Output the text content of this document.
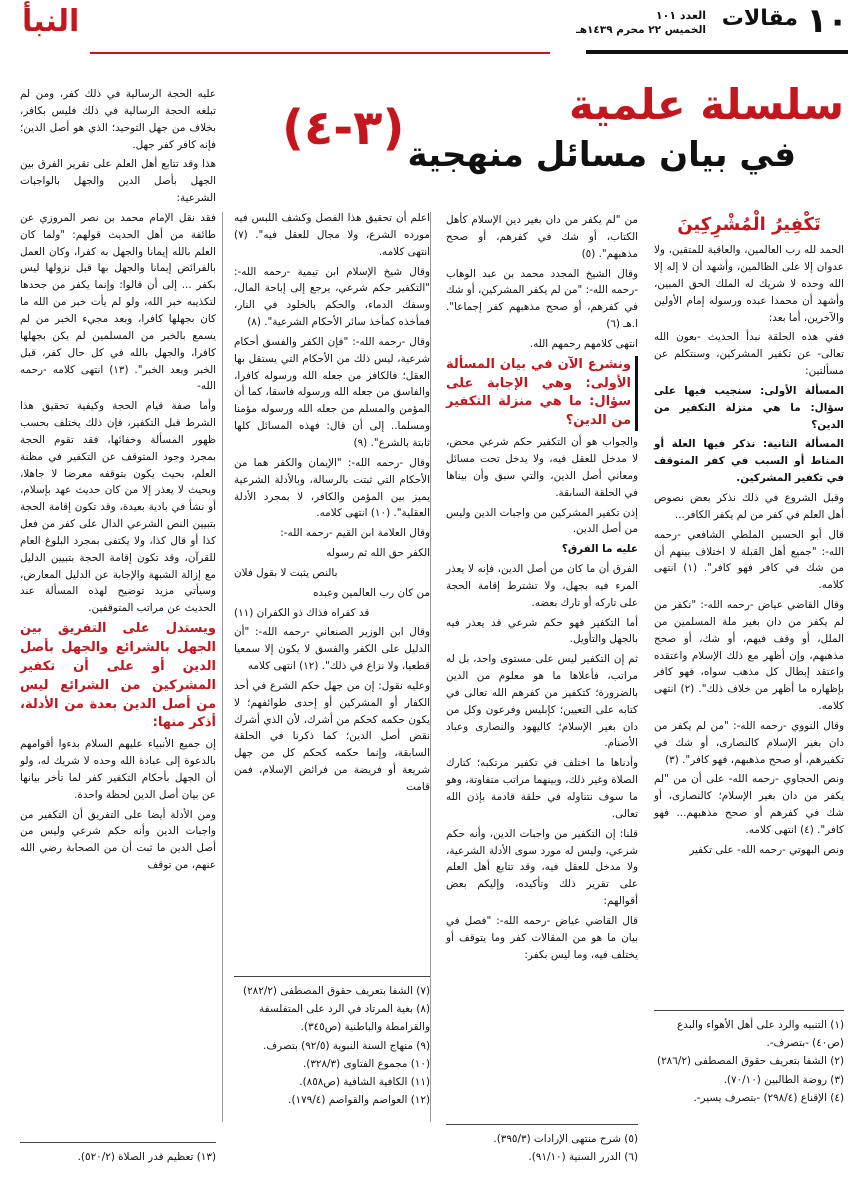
١٠
مقالات
العدد ١٠١
الخميس ٢٢ محرم ١٤٣٩هـ
النبأ
سلسلة علمية
في بيان مسائل منهجية
(٣-٤)

تَكْفِيرُ الْمُشْرِكِينَ

الحمد لله رب العالمين، والعاقبة للمتقين، ولا عدوان إلا على الظالمين، وأشهد أن لا إله إلا الله وحده لا شريك له الملك الحق المبين، وأشهد أن محمدا عبده ورسوله إمام الأولين والآخرين، أما بعد:

ففي هذه الحلقة نبدأ الحديث -بعون الله تعالى- عن تكفير المشركين، وسنتكلم عن مسألتين:

المسألة الأولى: سنجيب فيها على سؤال: ما هي منزلة التكفير من الدين؟

المسألة الثانية: نذكر فيها العلة أو المناط أو السبب في كفر المتوقف في تكفير المشركين.

وقبل الشروع في ذلك نذكر بعض نصوص أهل العلم في كفر من لم يكفر الكافر...

قال أبو الحسين الملطي الشافعي -رحمه الله-: "جميع أهل القبلة لا اختلاف بينهم أن من شك في كافر فهو كافر". (١) انتهى كلامه.

وقال القاضي عياض -رحمه الله-: "نكفر من لم يكفر من دان بغير ملة المسلمين من الملل، أو وقف فيهم، أو شك، أو صحح مذهبهم، وإن أظهر مع ذلك الإسلام واعتقده واعتقد إبطال كل مذهب سواه، فهو كافر بإظهاره ما أظهر من خلاف ذلك". (٢) انتهى كلامه.

وقال النووي -رحمه الله-: "من لم يكفر من دان بغير الإسلام كالنصارى، أو شك في تكفيرهم، أو صحح مذهبهم، فهو كافر". (٣)

ونص الحجاوي -رحمه الله- على أن من "لم يكفر من دان بغير الإسلام؛ كالنصارى، أو شك في كفرهم أو صحح مذهبهم... فهو كافر". (٤) انتهى كلامه.

ونص البهوتي -رحمه الله- على تكفير

من "لم يكفر من دان بغير دين الإسلام كأهل الكتاب، أو شك في كفرهم، أو صحح مذهبهم". (٥)

وقال الشيخ المجدد محمد بن عبد الوهاب -رحمه الله-: "من لم يكفر المشركين، أو شك في كفرهم، أو صحح مذهبهم كفر إجماعا". ا.هـ (٦)

انتهى كلامهم رحمهم الله.

ونشرع الآن في بيان المسألة الأولى: وهي الإجابة على سؤال: ما هي منزلة التكفير من الدين؟

والجواب هو أن التكفير حكم شرعي محض، لا مدخل للعقل فيه، ولا يدخل تحت مسائل ومعاني أصل الدين، والتي سبق وأن بيناها في الحلقة السابقة.

إذن تكفير المشركين من واجبات الدين وليس من أصل الدين.

عليه ما الفرق؟

الفرق أن ما كان من أصل الدين، فإنه لا يعذر المرء فيه بجهل، ولا تشترط إقامة الحجة على تاركه أو تارك بعضه.

أما التكفير فهو حكم شرعي قد يعذر فيه بالجهل والتأويل.

ثم إن التكفير ليس على مستوى واحد، بل له مراتب، فأعلاها ما هو معلوم من الدين بالضرورة؛ كتكفير من كفرهم الله تعالى في كتابه على التعيين؛ كإبليس وفرعون وكل من دان بغير الإسلام؛ كاليهود والنصارى وعباد الأصنام.

وأدناها ما اختلف في تكفير مرتكبه؛ كتارك الصلاة وغير ذلك، وبينهما مراتب متفاوتة، وهو ما سوف نتناوله في حلقة قادمة بإذن الله تعالى.

قلنا: إن التكفير من واجبات الدين، وأنه حكم شرعي، وليس له مورد سوى الأدلة الشرعية، ولا مدخل للعقل فيه، وقد تتابع أهل العلم على تقرير ذلك وتأكيده، وإليكم بعض أقوالهم:

قال القاضي عياض -رحمه الله-: "فصل في بيان ما هو من المقالات كفر وما يتوقف أو يختلف فيه، وما ليس بكفر:

اعلم أن تحقيق هذا الفصل وكشف اللبس فيه مورده الشرع، ولا مجال للعقل فيه". (٧) انتهى كلامه.

وقال شيخ الإسلام ابن تيمية -رحمه الله-: "التكفير حكم شرعي، يرجع إلى إباحة المال، وسفك الدماء، والحكم بالخلود في النار، فمأخذه كمأخذ سائر الأحكام الشرعية". (٨)

وقال -رحمه الله-: "فإن الكفر والفسق أحكام شرعية، ليس ذلك من الأحكام التي يستقل بها العقل؛ فالكافر من جعله الله ورسوله كافرا، والفاسق من جعله الله ورسوله فاسقا، كما أن المؤمن والمسلم من جعله الله ورسوله مؤمنا ومسلما.. إلى أن قال: فهذه المسائل كلها ثابتة بالشرع". (٩)

وقال -رحمه الله-: "الإيمان والكفر هما من الأحكام التي ثبتت بالرسالة، وبالأدلة الشرعية يميز بين المؤمن والكافر، لا بمجرد الأدلة العقلية". (١٠) انتهى كلامه.

وقال العلامة ابن القيم -رحمه الله-:

الكفر حق الله ثم رسوله

بالنص يثبت لا بقول فلان

من كان رب العالمين وعبده

قد كفراه فذاك ذو الكفران (١١)

وقال ابن الوزير الصنعاني -رحمه الله-: "أن الدليل على الكفر والفسق لا يكون إلا سمعيا قطعيا، ولا نزاع في ذلك". (١٢) انتهى كلامه

وعليه نقول: إن من جهل حكم الشرع في أحد الكفار أو المشركين أو إحدى طوائفهم؛ لا يكون حكمه كحكم من أشرك، لأن الذي أشرك نقض أصل الدين؛ كما ذكرنا في الحلقة السابقة، وإنما حكمه كحكم كل من جهل شريعة أو فريضة من فرائض الإسلام، فمن قامت

عليه الحجة الرسالية في ذلك كفر، ومن لم تبلغه الحجة الرسالية في ذلك فليس بكافر، بخلاف من جهل التوحيد؛ الذي هو أصل الدين؛ فإنه كافر كفر جهل.

هذا وقد تتابع أهل العلم على تقرير الفرق بين الجهل بأصل الدين والجهل بالواجبات الشرعية:

فقد نقل الإمام محمد بن نصر المروزي عن طائفة من أهل الحديث قولهم: "ولما كان العلم بالله إيمانا والجهل به كفرا، وكان العمل بالفرائض إيمانا والجهل بها قبل نزولها ليس بكفر ... إلى أن قالوا: وإنما يكفر من جحدها لتكذيبه خبر الله، ولو لم يأت خبر من الله ما كان بجهلها كافرا، وبعد مجيء الخبر من لم يسمع بالخبر من المسلمين لم يكن بجهلها كافرا، والجهل بالله في كل حال كفر، قبل الخبر وبعد الخبر". (١٣) انتهى كلامه -رحمه الله-

وأما صفة قيام الحجة وكيفية تحقيق هذا الشرط قبل التكفير، فإن ذلك يختلف بحسب ظهور المسألة وخفائها، فقد تقوم الحجة بمجرد وجود المتوقف عن التكفير في مظنة العلم، بحيث يكون بتوقفه معرضا لا جاهلا، وبحيث لا يعذر إلا من كان حديث عهد بإسلام، أو نشأ في بادية بعيدة، وقد تكون إقامة الحجة بتبيين النص الشرعي الدال على كفر من فعل كذا أو قال كذا، ولا يكتفى بمجرد البلوغ العام للقرآن، وقد تكون إقامة الحجة بتبيين الدليل مع إزالة الشبهة والإجابة عن الدليل المعارض، وسيأتي مزيد توضيح لهذه المسألة عند الحديث عن مراتب المتوقفين.

ويستدل على التفريق بين الجهل بالشرائع والجهل بأصل الدين أو على أن تكفير المشركين من الشرائع ليس من أصل الدين بعدة من الأدلة، أذكر منها:

إن جميع الأنبياء عليهم السلام بدءوا أقوامهم بالدعوة إلى عبادة الله وحده لا شريك له، ولو أن الجهل بأحكام التكفير كفر لما تأخر بيانها عن بيان أصل الدين لحظة واحدة.

ومن الأدلة أيضا على التفريق أن التكفير من واجبات الدين وأنه حكم شرعي وليس من أصل الدين ما ثبت أن من الصحابة رضي الله عنهم، من توقف

(١) التنبيه والرد على أهل الأهواء والبدع (ص٤٠) -بتصرف-.

(٢) الشفا بتعريف حقوق المصطفى (٢٨٦/٢)

(٣) روضة الطالبين (٧٠/١٠).

(٤) الإقناع (٢٩٨/٤) -بتصرف يسير-.

(٥) شرح منتهى الإرادات (٣٩٥/٣).

(٦) الدرر السنية (٩١/١٠).

(٧) الشفا بتعريف حقوق المصطفى (٢٨٢/٢)

(٨) بغية المرتاد في الرد على المتفلسفة والقرامطة والباطنية (ص٣٤٥).

(٩) منهاج السنة النبوية (٩٢/٥) بتصرف.

(١٠) مجموع الفتاوى (٣٢٨/٣).

(١١) الكافية الشافية (ص٨٥٨).

(١٢) العواصم والقواصم (١٧٩/٤).

(١٣) تعظيم قدر الصلاة (٥٢٠/٢).
